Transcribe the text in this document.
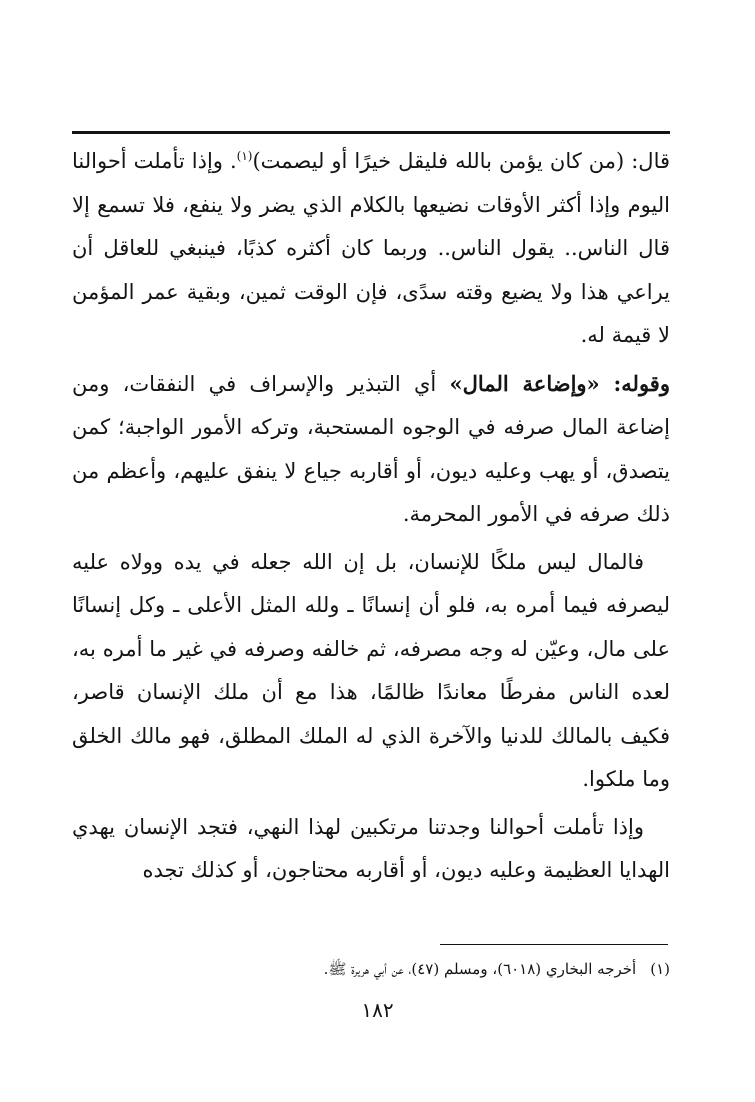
قال: (من كان يؤمن بالله فليقل خيرًا أو ليصمت)$^{(١)}$. وإذا تأملت أحوالنا اليوم وإذا أكثر الأوقات نضيعها بالكلام الذي يضر ولا ينفع، فلا تسمع إلا قال الناس.. يقول الناس.. وربما كان أكثره كذبًا، فينبغي للعاقل أن يراعي هذا ولا يضيع وقته سدًى، فإن الوقت ثمين، وبقية عمر المؤمن لا قيمة له.

وقوله: «وإضاعة المال» أي التبذير والإسراف في النفقات، ومن إضاعة المال صرفه في الوجوه المستحبة، وتركه الأمور الواجبة؛ كمن يتصدق، أو يهب وعليه ديون، أو أقاربه جياع لا ينفق عليهم، وأعظم من ذلك صرفه في الأمور المحرمة.

فالمال ليس ملكًا للإنسان، بل إن الله جعله في يده وولاه عليه ليصرفه فيما أمره به، فلو أن إنسانًا ـ ولله المثل الأعلى ـ وكل إنسانًا على مال، وعيّن له وجه مصرفه، ثم خالفه وصرفه في غير ما أمره به، لعده الناس مفرطًا معاندًا ظالمًا، هذا مع أن ملك الإنسان قاصر، فكيف بالمالك للدنيا والآخرة الذي له الملك المطلق، فهو مالك الخلق وما ملكوا.

وإذا تأملت أحوالنا وجدتنا مرتكبين لهذا النهي، فتجد الإنسان يهدي الهدايا العظيمة وعليه ديون، أو أقاربه محتاجون، أو كذلك تجده

(١)أخرجه البخاري (٦٠١٨)، ومسلم (٤٧)، عن أبي هريرة ﷺ.
١٨٢
